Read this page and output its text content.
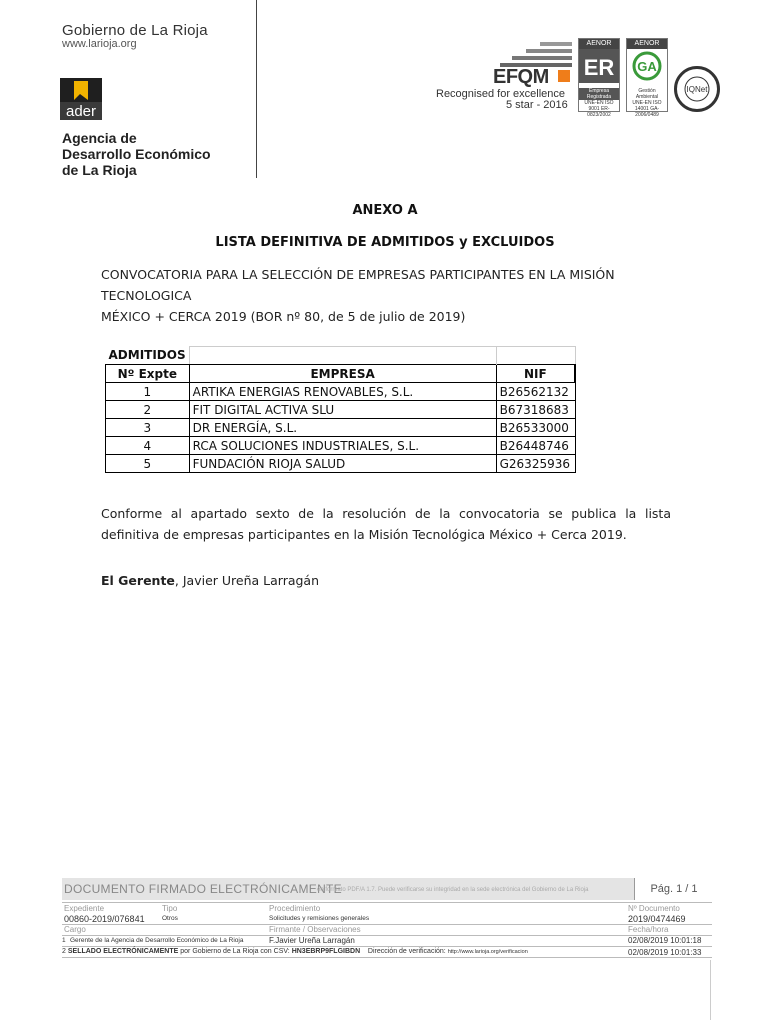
Gobierno de La Rioja
www.larioja.org
ader
Agencia de
Desarrollo Económico
de La Rioja
EFQM
Recognised for excellence
5 star - 2016
AENOR
ER
Empresa Registrada
UNE-EN ISO 9001 ER-0823/2002
AENOR
GA
Gestión Ambiental
UNE-EN ISO 14001 GA-2006/0489
IQNet
ANEXO A
LISTA DEFINITIVA DE ADMITIDOS y EXCLUIDOS
CONVOCATORIA PARA LA SELECCIÓN DE EMPRESAS PARTICIPANTES EN LA MISIÓN TECNOLOGICA
MÉXICO + CERCA 2019 (BOR nº 80, de 5 de julio de 2019)
ADMITIDOS		
Nº Expte	EMPRESA	NIF
1	ARTIKA ENERGIAS RENOVABLES, S.L.	B26562132
2	FIT DIGITAL ACTIVA SLU	B67318683
3	DR ENERGÍA, S.L.	B26533000
4	RCA SOLUCIONES INDUSTRIALES, S.L.	B26448746
5	FUNDACIÓN RIOJA SALUD	G26325936
Conforme al apartado sexto de la resolución de la convocatoria se publica la lista definitiva de empresas participantes en la Misión Tecnológica México + Cerca 2019.
El Gerente, Javier Ureña Larragán
DOCUMENTO FIRMADO ELECTRÓNICAMENTE
en formato PDF/A 1.7. Puede verificarse su integridad en la sede electrónica del Gobierno de La Rioja	Pág. 1 / 1
Expediente	Tipo	Procedimiento	Nº Documento
00860-2019/076841	Otros	Solicitudes y remisiones generales	2019/0474469
Cargo	Firmante / Observaciones	Fecha/hora
1 Gerente de la Agencia de Desarrollo Económico de La Rioja	F.Javier Ureña Larragán	02/08/2019 10:01:18
2 SELLADO ELECTRÓNICAMENTE por Gobierno de La Rioja con CSV: HN3EBRP9FLGIBDN Dirección de verificación: http://www.larioja.org/verificacion	02/08/2019 10:01:33
